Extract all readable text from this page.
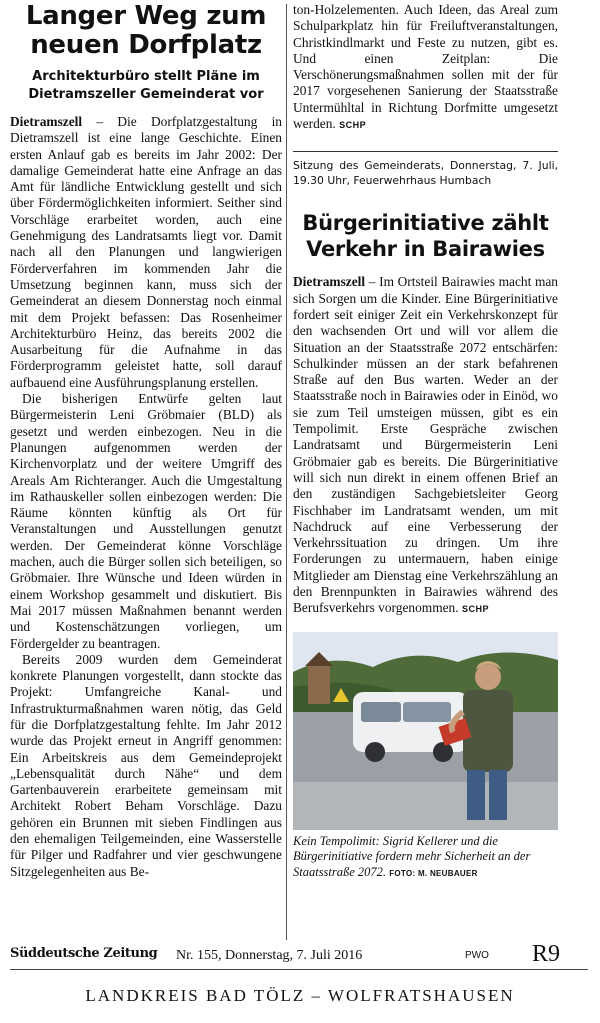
Langer Weg zum neuen Dorfplatz
Architekturbüro stellt Pläne im Dietramszeller Gemeinderat vor

Dietramszell – Die Dorfplatzgestaltung in Dietramszell ist eine lange Geschichte. Einen ersten Anlauf gab es bereits im Jahr 2002: Der damalige Gemeinderat hatte eine Anfrage an das Amt für ländliche Entwicklung gestellt und sich über Fördermöglichkeiten informiert. Seither sind Vorschläge erarbeitet worden, auch eine Genehmigung des Landratsamts liegt vor. Damit nach all den Planungen und langwierigen Förderverfahren im kommenden Jahr die Umsetzung beginnen kann, muss sich der Gemeinderat an diesem Donnerstag noch einmal mit dem Projekt befassen: Das Rosenheimer Architekturbüro Heinz, das bereits 2002 die Ausarbeitung für die Aufnahme in das Förderprogramm geleistet hatte, soll darauf aufbauend eine Ausführungsplanung erstellen.

Die bisherigen Entwürfe gelten laut Bürgermeisterin Leni Gröbmaier (BLD) als gesetzt und werden einbezogen. Neu in die Planungen aufgenommen werden der Kirchenvorplatz und der weitere Umgriff des Areals Am Richteranger. Auch die Umgestaltung im Rathauskeller sollen einbezogen werden: Die Räume könnten künftig als Ort für Veranstaltungen und Ausstellungen genutzt werden. Der Gemeinderat könne Vorschläge machen, auch die Bürger sollen sich beteiligen, so Gröbmaier. Ihre Wünsche und Ideen würden in einem Workshop gesammelt und diskutiert. Bis Mai 2017 müssen Maßnahmen benannt werden und Kostenschätzungen vorliegen, um Fördergelder zu beantragen.

Bereits 2009 wurden dem Gemeinderat konkrete Planungen vorgestellt, dann stockte das Projekt: Umfangreiche Kanal- und Infrastrukturmaßnahmen waren nötig, das Geld für die Dorfplatzgestaltung fehlte. Im Jahr 2012 wurde das Projekt erneut in Angriff genommen: Ein Arbeitskreis aus dem Gemeindeprojekt „Lebensqualität durch Nähe“ und dem Gartenbauverein erarbeitete gemeinsam mit Architekt Robert Beham Vorschläge. Dazu gehören ein Brunnen mit sieben Findlingen aus den ehemaligen Teilgemeinden, eine Wasserstelle für Pilger und Radfahrer und vier geschwungene Sitzgelegenheiten aus Be-

ton-Holzelementen. Auch Ideen, das Areal zum Schulparkplatz hin für Freiluftveranstaltungen, Christkindlmarkt und Feste zu nutzen, gibt es. Und einen Zeitplan: Die Verschönerungsmaßnahmen sollen mit der für 2017 vorgesehenen Sanierung der Staatsstraße Untermühltal in Richtung Dorfmitte umgesetzt werden. SCHP

Sitzung des Gemeinderats, Donnerstag, 7. Juli, 19.30 Uhr, Feuerwehrhaus Humbach
Bürgerinitiative zählt Verkehr in Bairawies

Dietramszell – Im Ortsteil Bairawies macht man sich Sorgen um die Kinder. Eine Bürgerinitiative fordert seit einiger Zeit ein Verkehrskonzept für den wachsenden Ort und will vor allem die Situation an der Staatsstraße 2072 entschärfen: Schulkinder müssen an der stark befahrenen Straße auf den Bus warten. Weder an der Staatsstraße noch in Bairawies oder in Einöd, wo sie zum Teil umsteigen müssen, gibt es ein Tempolimit. Erste Gespräche zwischen Landratsamt und Bürgermeisterin Leni Gröbmaier gab es bereits. Die Bürgerinitiative will sich nun direkt in einem offenen Brief an den zuständigen Sachgebietsleiter Georg Fischhaber im Landratsamt wenden, um mit Nachdruck auf eine Verbesserung der Verkehrssituation zu dringen. Um ihre Forderungen zu untermauern, haben einige Mitglieder am Dienstag eine Verkehrszählung an den Brennpunkten in Bairawies während des Berufsverkehrs vorgenommen. SCHP

Kein Tempolimit: Sigrid Kellerer und die Bürgerinitiative fordern mehr Sicherheit an der Staatsstraße 2072. FOTO: M. NEUBAUER
Süddeutsche Zeitung Nr. 155, Donnerstag, 7. Juli 2016	PWO R9
LANDKREIS BAD TÖLZ – WOLFRATSHAUSEN
